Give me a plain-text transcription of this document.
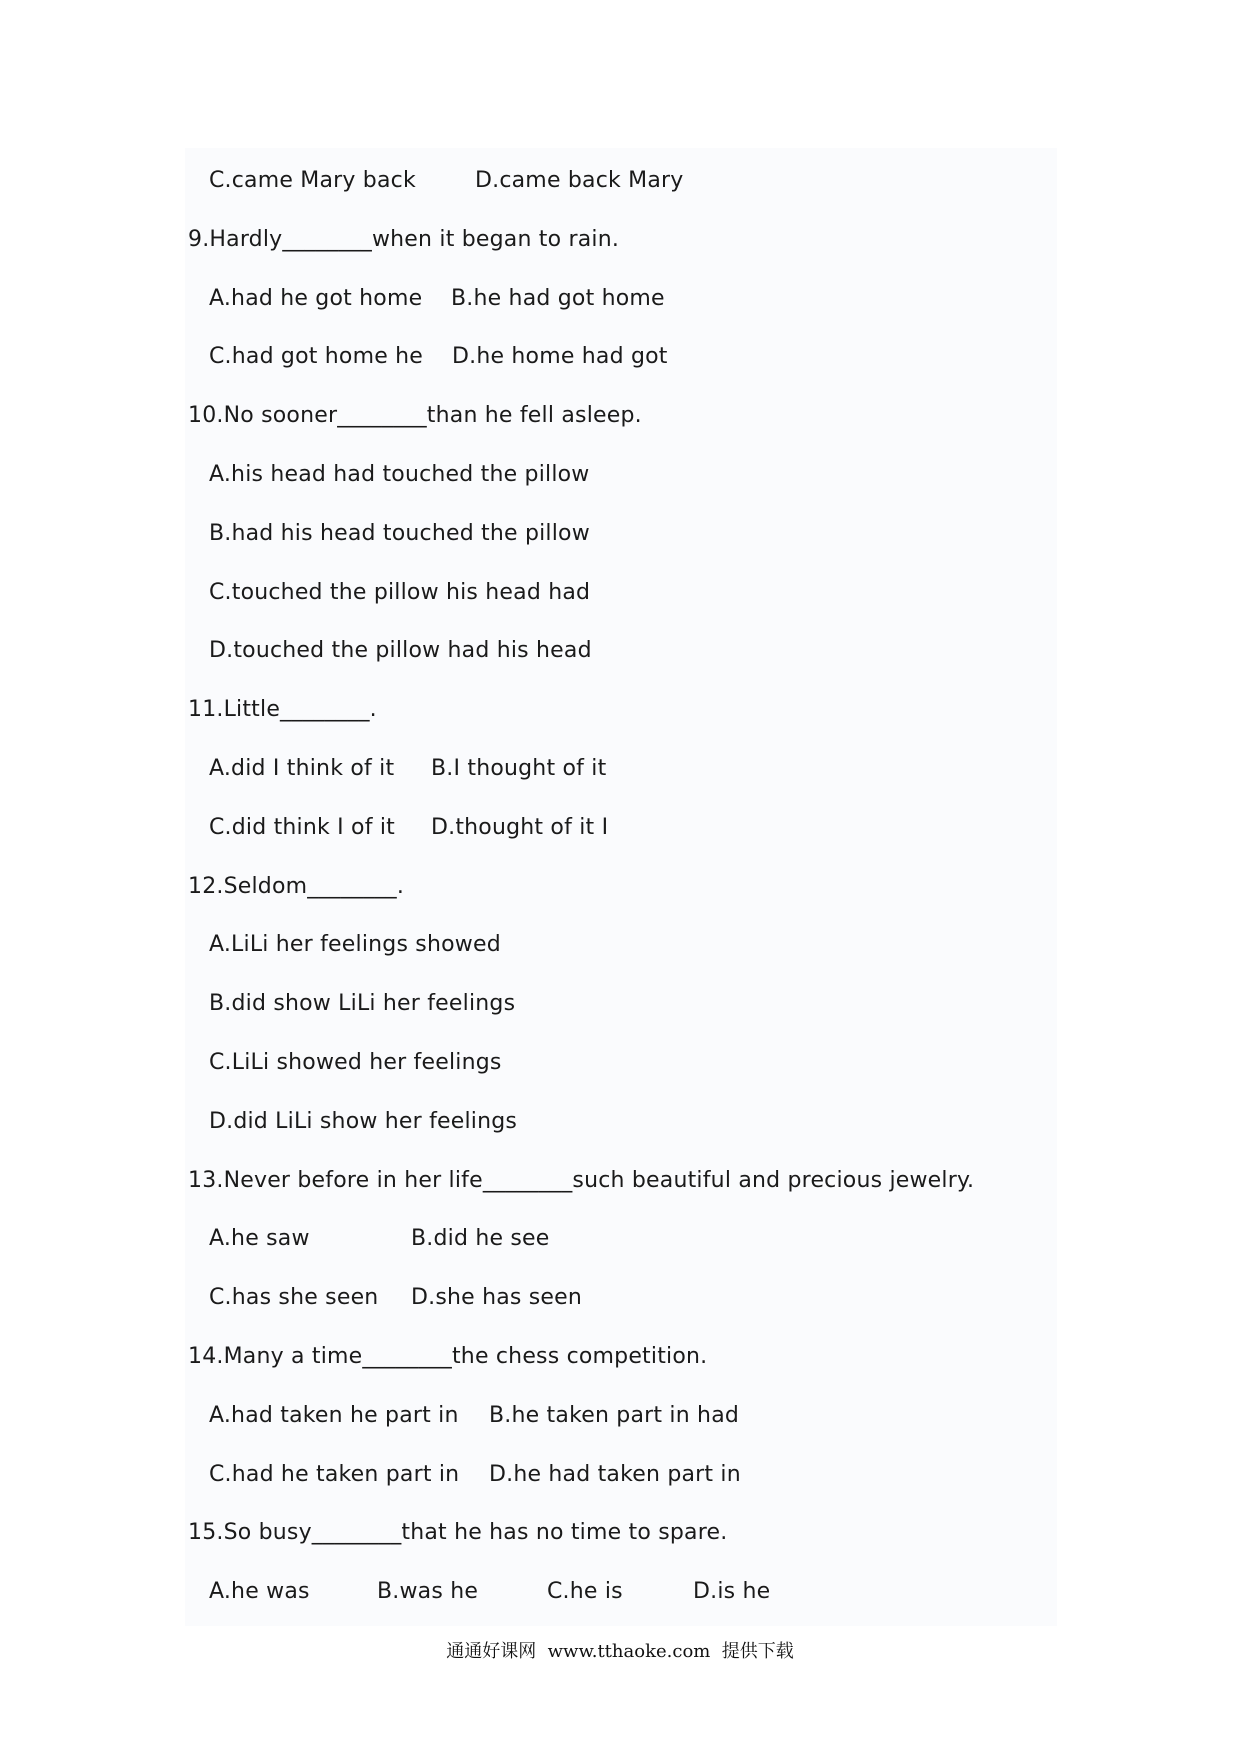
C.came Mary back	D.came back Mary
9.Hardly________when it began to rain.
A.had he got home B.he had got home
C.had got home he D.he home had got
10.No sooner________than he fell asleep.
A.his head had touched the pillow
B.had his head touched the pillow
C.touched the pillow his head had
D.touched the pillow had his head
11.Little________.
A.did I think of it B.I thought of it
C.did think I of it D.thought of it I
12.Seldom________.
A.LiLi her feelings showed
B.did show LiLi her feelings
C.LiLi showed her feelings
D.did LiLi show her feelings
13.Never before in her life________such beautiful and precious jewelry.
A.he saw	B.did he see
C.has she seen D.she has seen
14.Many a time________the chess competition.
A.had taken he part in B.he taken part in had
C.had he taken part in D.he had taken part in
15.So busy________that he has no time to spare.
A.he was	B.was he	C.he is	D.is he
通通好课网  www.tthaoke.com  提供下载
